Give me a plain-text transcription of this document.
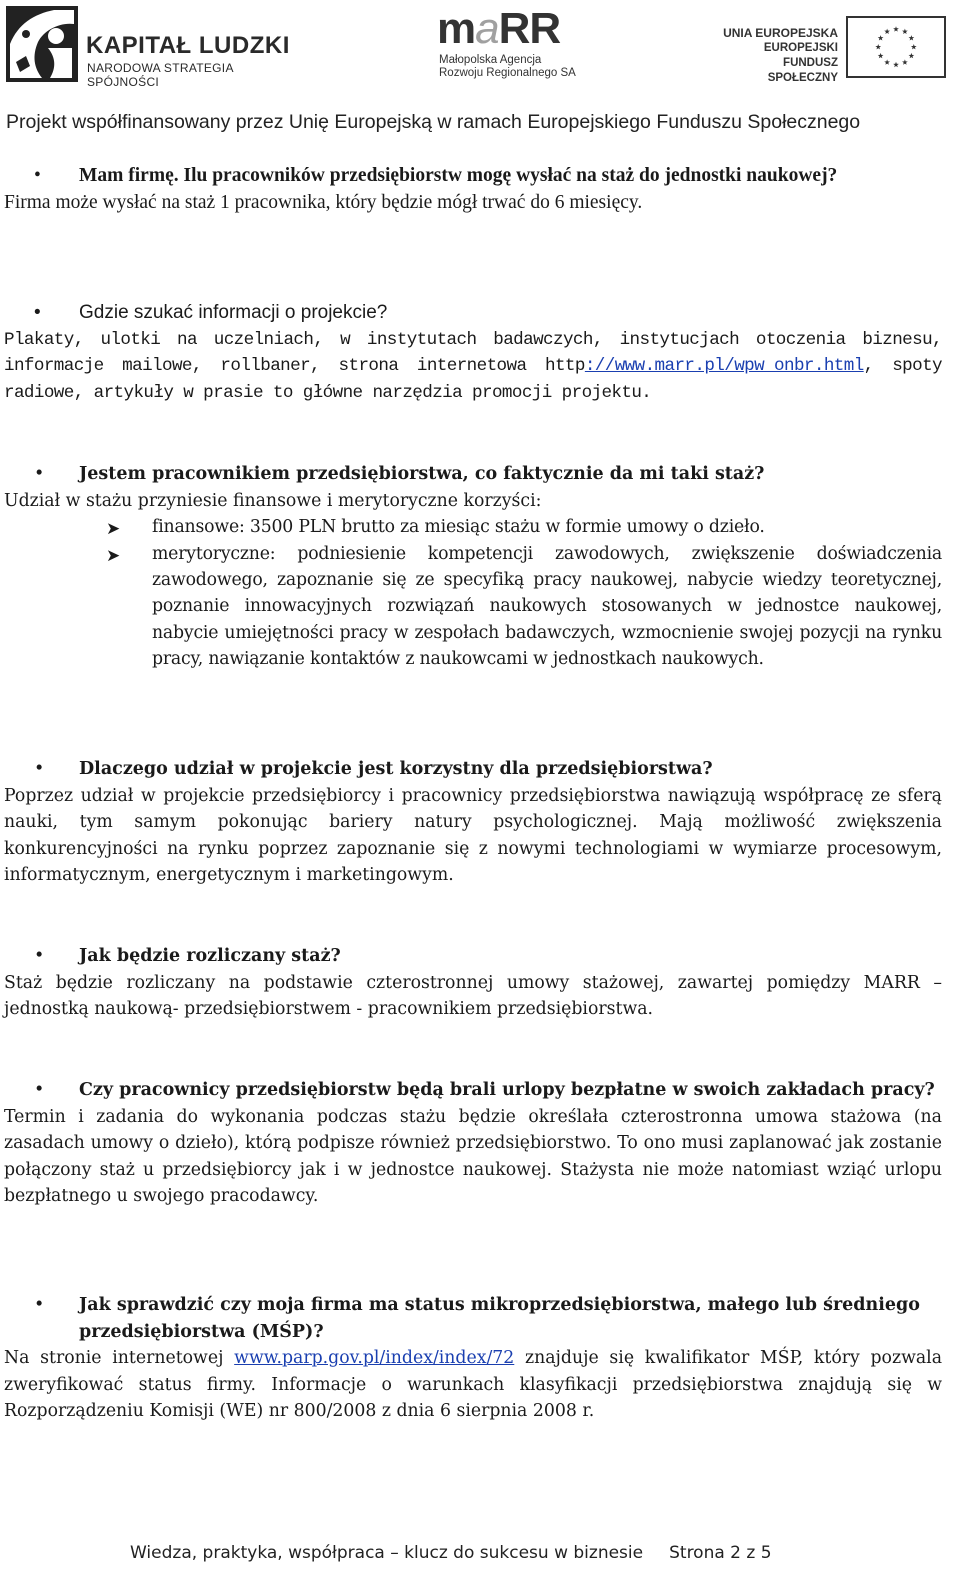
KAPITAŁ LUDZKI
NARODOWA STRATEGIA SPÓJNOŚCI
maRR
Małopolska Agencja
Rozwoju Regionalnego SA
UNIA EUROPEJSKA
EUROPEJSKI
FUNDUSZ SPOŁECZNY
Projekt współfinansowany przez Unię Europejską w ramach Europejskiego Funduszu Społecznego
• Mam firmę. Ilu pracowników przedsiębiorstw mogę wysłać na staż do jednostki naukowej?
Firma może wysłać na staż 1 pracownika, który będzie mógł trwać do 6 miesięcy.
• Gdzie szukać informacji o projekcie?
Plakaty, ulotki na uczelniach, w instytutach badawczych, instytucjach otoczenia biznesu, informacje mailowe, rollbaner, strona internetowa http://www.marr.pl/wpw_onbr.html, spoty radiowe, artykuły w prasie to główne narzędzia promocji projektu.
• Jestem pracownikiem przedsiębiorstwa, co faktycznie da mi taki staż?
Udział w stażu przyniesie finansowe i merytoryczne korzyści:
➤ finansowe: 3500 PLN brutto za miesiąc stażu w formie umowy o dzieło.
➤ merytoryczne: podniesienie kompetencji zawodowych, zwiększenie doświadczenia zawodowego, zapoznanie się ze specyfiką pracy naukowej, nabycie wiedzy teoretycznej, poznanie innowacyjnych rozwiązań naukowych stosowanych w jednostce naukowej, nabycie umiejętności pracy w zespołach badawczych, wzmocnienie swojej pozycji na rynku pracy, nawiązanie kontaktów z naukowcami w jednostkach naukowych.
• Dlaczego udział w projekcie jest korzystny dla przedsiębiorstwa?
Poprzez udział w projekcie przedsiębiorcy i pracownicy przedsiębiorstwa nawiązują współpracę ze sferą nauki, tym samym pokonując bariery natury psychologicznej. Mają możliwość zwiększenia konkurencyjności na rynku poprzez zapoznanie się z nowymi technologiami w wymiarze procesowym, informatycznym, energetycznym i marketingowym.
• Jak będzie rozliczany staż?
Staż będzie rozliczany na podstawie czterostronnej umowy stażowej, zawartej pomiędzy MARR – jednostką naukową- przedsiębiorstwem - pracownikiem przedsiębiorstwa.
• Czy pracownicy przedsiębiorstw będą brali urlopy bezpłatne w swoich zakładach pracy?
Termin i zadania do wykonania podczas stażu będzie określała czterostronna umowa stażowa (na zasadach umowy o dzieło), którą podpisze również przedsiębiorstwo. To ono musi zaplanować jak zostanie połączony staż u przedsiębiorcy jak i w jednostce naukowej. Stażysta nie może natomiast wziąć urlopu bezpłatnego u swojego pracodawcy.
• Jak sprawdzić czy moja firma ma status mikroprzedsiębiorstwa, małego lub średniego przedsiębiorstwa (MŚP)?
Na stronie internetowej www.parp.gov.pl/index/index/72 znajduje się kwalifikator MŚP, który pozwala zweryfikować status firmy. Informacje o warunkach klasyfikacji przedsiębiorstwa znajdują się w Rozporządzeniu Komisji (WE) nr 800/2008 z dnia 6 sierpnia 2008 r.
Wiedza, praktyka, współpraca – klucz do sukcesu w biznesie Strona 2 z 5
